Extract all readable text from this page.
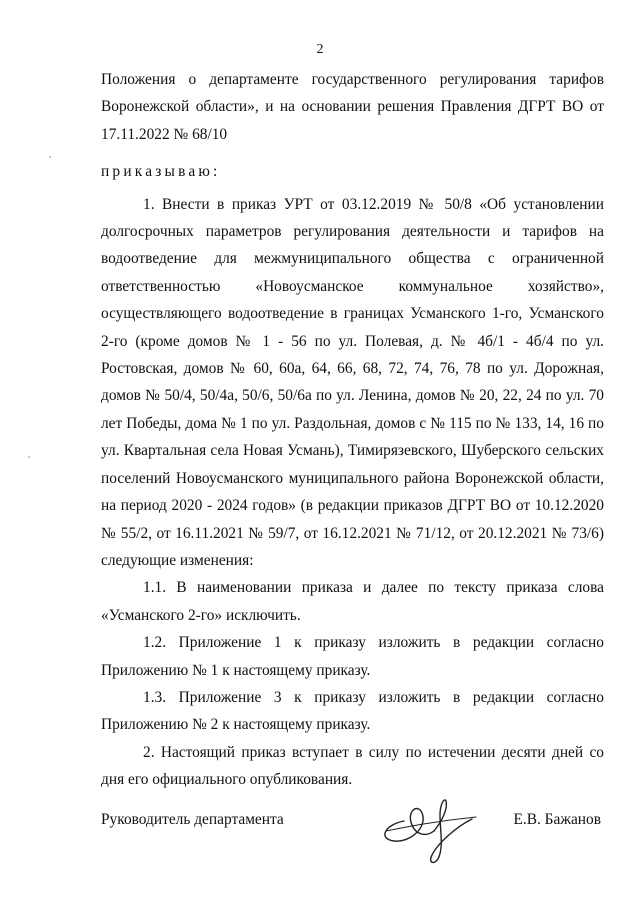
2

Положения о департаменте государственного регулирования тарифов Воронежской области», и на основании решения Правления ДГРТ ВО от 17.11.2022 № 68/10

приказываю:

1. Внести в приказ УРТ от 03.12.2019 № 50/8 «Об установлении долгосрочных параметров регулирования деятельности и тарифов на водоотведение для межмуниципального общества с ограниченной ответственностью «Новоусманское коммунальное хозяйство», осуществляющего водоотведение в границах Усманского 1-го, Усманского 2-го (кроме домов № 1 - 56 по ул. Полевая, д. № 4б/1 - 4б/4 по ул. Ростовская, домов № 60, 60а, 64, 66, 68, 72, 74, 76, 78 по ул. Дорожная, домов № 50/4, 50/4а, 50/6, 50/6а по ул. Ленина, домов № 20, 22, 24 по ул. 70 лет Победы, дома № 1 по ул. Раздольная, домов с № 115 по № 133, 14, 16 по ул. Квартальная села Новая Усмань), Тимирязевского, Шуберского сельских поселений Новоусманского муниципального района Воронежской области, на период 2020 - 2024 годов» (в редакции приказов ДГРТ ВО от 10.12.2020 № 55/2, от 16.11.2021 № 59/7, от 16.12.2021 № 71/12, от 20.12.2021 № 73/6) следующие изменения:

1.1. В наименовании приказа и далее по тексту приказа слова «Усманского 2-го» исключить.

1.2. Приложение 1 к приказу изложить в редакции согласно Приложению № 1 к настоящему приказу.

1.3. Приложение 3 к приказу изложить в редакции согласно Приложению № 2 к настоящему приказу.

2. Настоящий приказ вступает в силу по истечении десяти дней со дня его официального опубликования.

Руководитель департамента	Е.В. Бажанов
